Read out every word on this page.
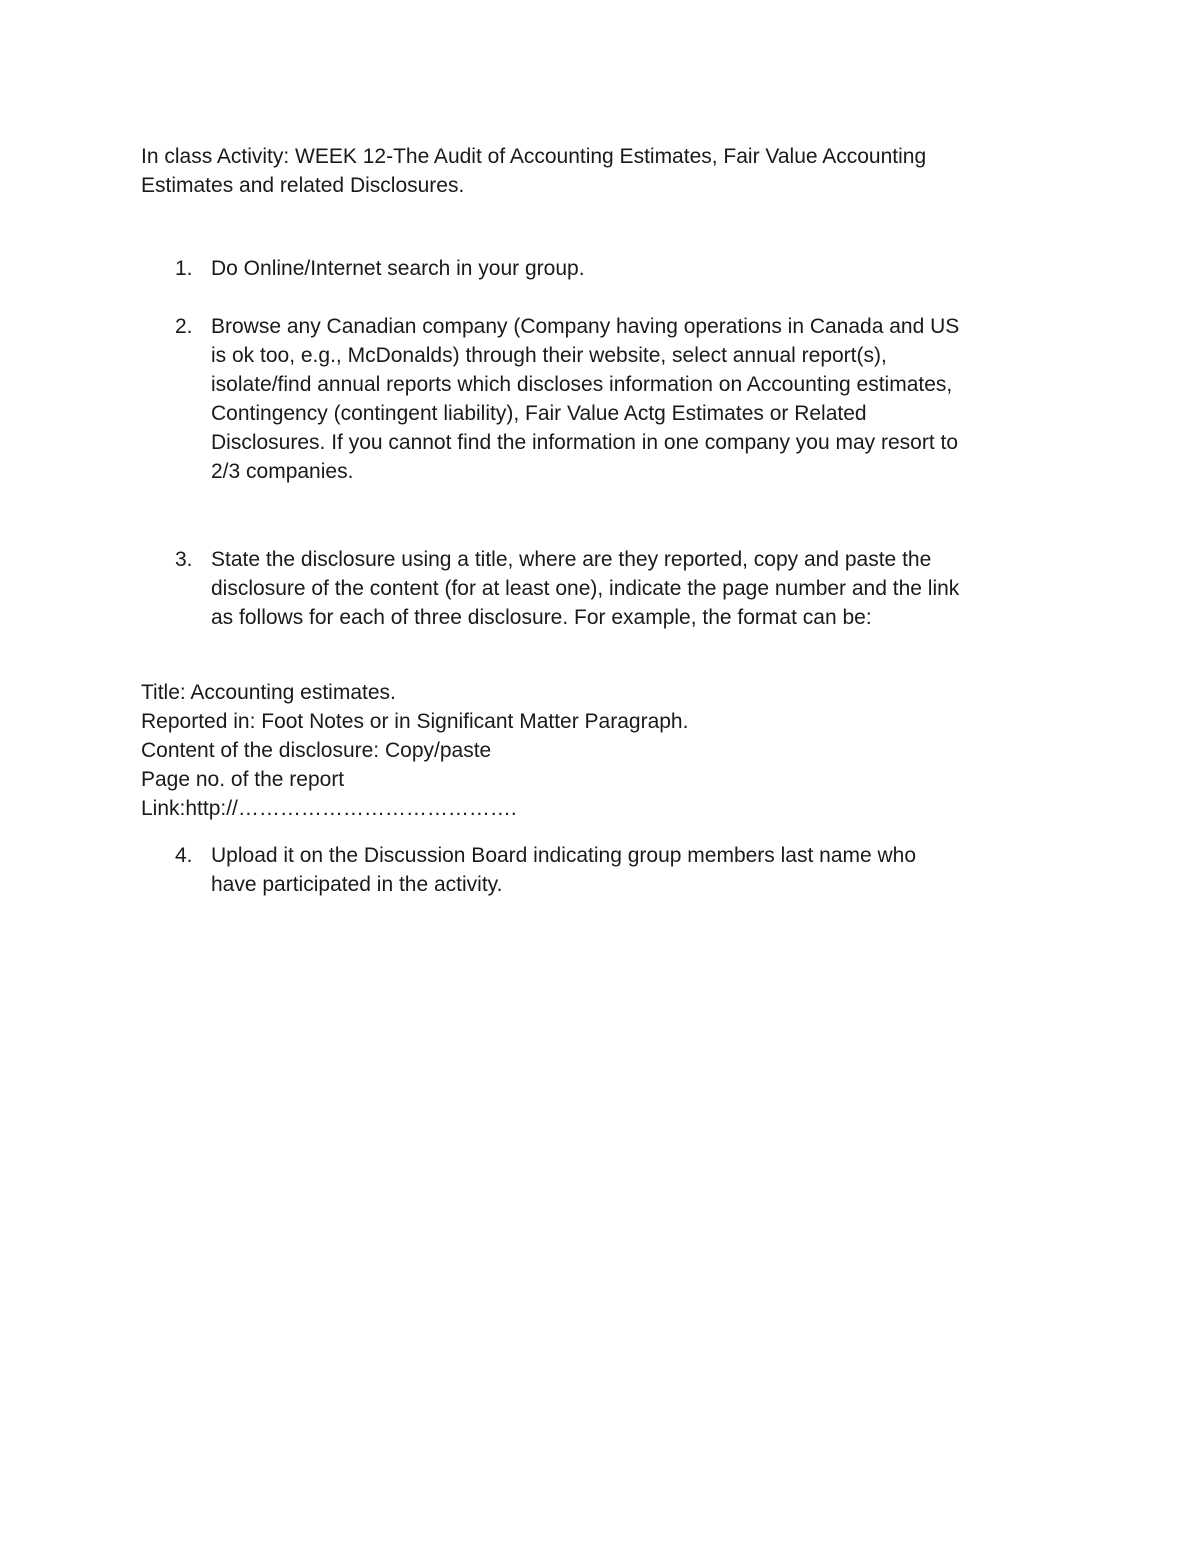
In class Activity: WEEK 12-The Audit of Accounting Estimates, Fair Value Accounting
Estimates and related Disclosures.

1. Do Online/Internet search in your group.
2. Browse any Canadian company (Company having operations in Canada and US
is ok too, e.g., McDonalds) through their website, select annual report(s),
isolate/find annual reports which discloses information on Accounting estimates,
Contingency (contingent liability), Fair Value Actg Estimates or Related
Disclosures. If you cannot find the information in one company you may resort to
2/3 companies.
3. State the disclosure using a title, where are they reported, copy and paste the
disclosure of the content (for at least one), indicate the page number and the link
as follows for each of three disclosure. For example, the format can be:
Title: Accounting estimates.
Reported in: Foot Notes or in Significant Matter Paragraph.
Content of the disclosure: Copy/paste
Page no. of the report
Link:http://………………………………….
4. Upload it on the Discussion Board indicating group members last name who
have participated in the activity.
